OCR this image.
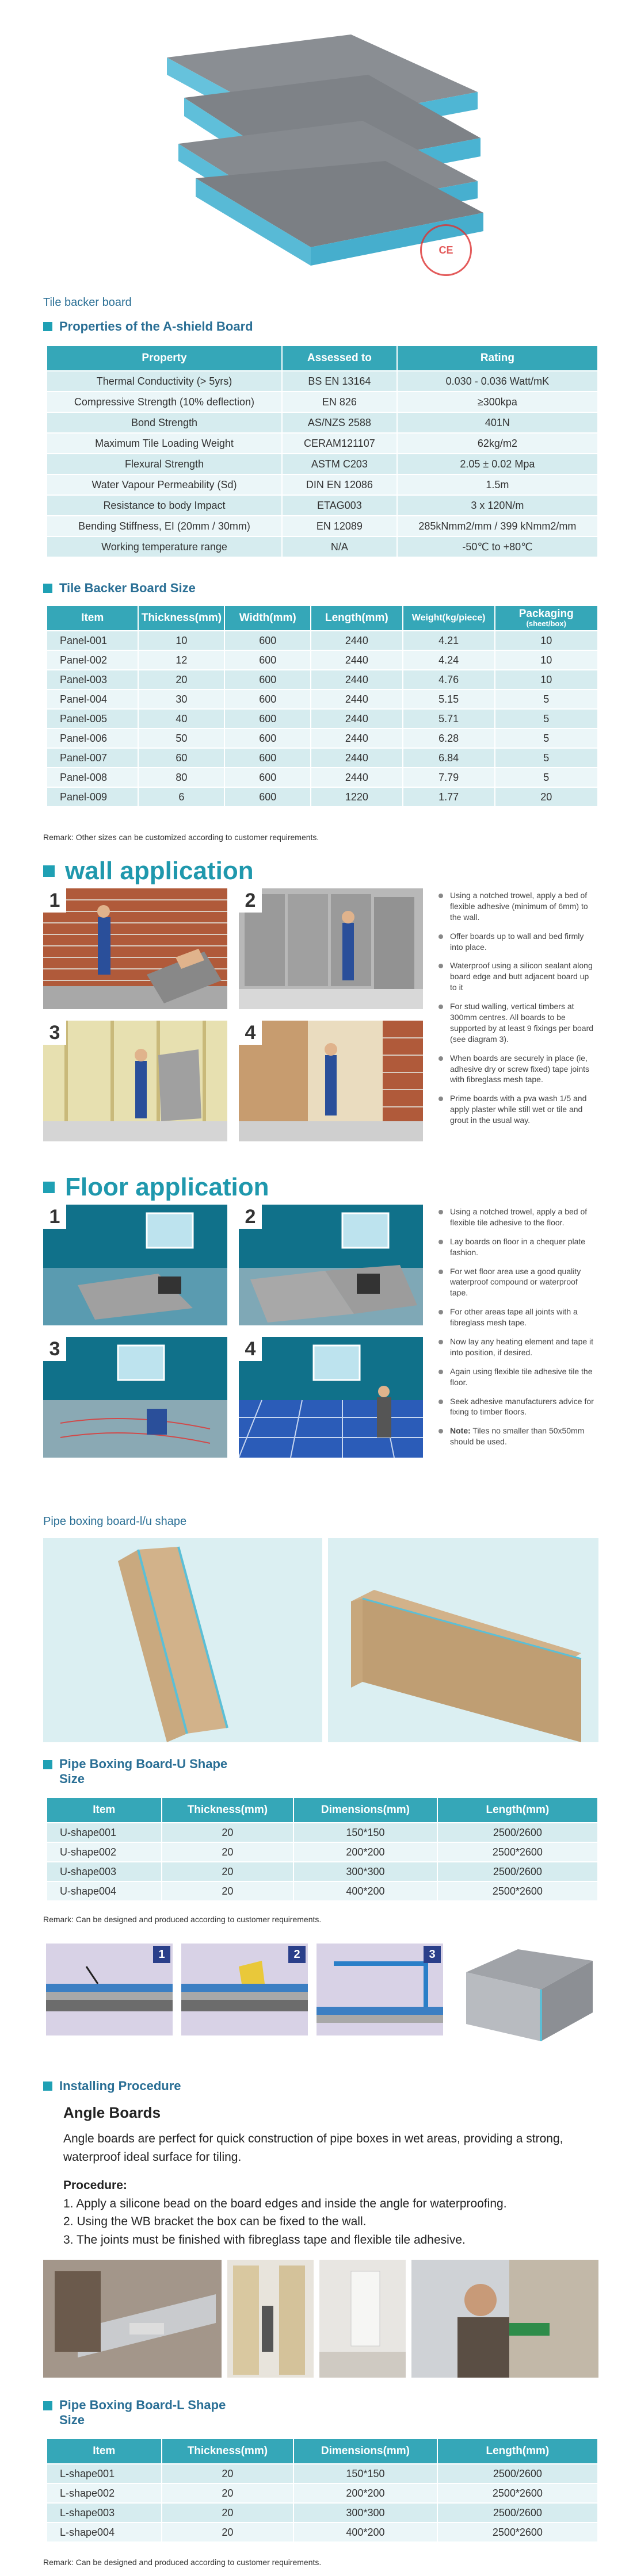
CE
Tile backer board
Properties of the A-shield Board
Property	Assessed to	Rating
Thermal Conductivity (> 5yrs)	BS EN 13164	0.030 - 0.036 Watt/mK
Compressive Strength (10% deflection)	EN 826	≥300kpa
Bond Strength	AS/NZS 2588	401N
Maximum Tile Loading Weight	CERAM121107	62kg/m2
Flexural Strength	ASTM C203	2.05 ± 0.02 Mpa
Water Vapour Permeability (Sd)	DIN EN 12086	1.5m
Resistance to body Impact	ETAG003	3 x 120N/m
Bending Stiffness, EI (20mm / 30mm)	EN 12089	285kNmm2/mm / 399 kNmm2/mm
Working temperature range	N/A	-50℃ to +80℃
Tile Backer Board Size
Item	Thickness(mm)	Width(mm)	Length(mm)	Weight(kg/piece)	Packaging
(sheet/box)

Panel-001	10	600	2440	4.21	10
Panel-002	12	600	2440	4.24	10
Panel-003	20	600	2440	4.76	10
Panel-004	30	600	2440	5.15	5
Panel-005	40	600	2440	5.71	5
Panel-006	50	600	2440	6.28	5
Panel-007	60	600	2440	6.84	5
Panel-008	80	600	2440	7.79	5
Panel-009	6	600	1220	1.77	20
Remark: Other sizes can be customized according to customer requirements.
wall application
1	2
3	4
Using a notched trowel, apply a bed of flexible adhesive (minimum of 6mm) to the wall.
Offer boards up to wall and bed firmly into place.
Waterproof using a silicon sealant along board edge and butt adjacent board up to it
For stud walling, vertical timbers at 300mm centres. All boards to be supported by at least 9 fixings per board (see diagram 3).
When boards are securely in place (ie, adhesive dry or screw fixed) tape joints with fibreglass mesh tape.
Prime boards with a pva wash 1/5 and apply plaster while still wet or tile and grout in the usual way.
Floor application
1	2
3	4
Using a notched trowel, apply a bed of flexible tile adhesive to the floor.
Lay boards on floor in a chequer plate fashion.
For wet floor area use a good quality waterproof compound or waterproof tape.
For other areas tape all joints with a fibreglass mesh tape.
Now lay any heating element and tape it into position, if desired.
Again using flexible tile adhesive tile the floor.
Seek adhesive manufacturers advice for fixing to timber floors.
Note: Tiles no smaller than 50x50mm should be used.
Pipe boxing board-l/u shape
Pipe Boxing Board-U Shape
Size
Item	Thickness(mm)	Dimensions(mm)	Length(mm)
U-shape001	20	150*150	2500/2600
U-shape002	20	200*200	2500*2600
U-shape003	20	300*300	2500/2600
U-shape004	20	400*200	2500*2600
Remark: Can be designed and produced according to customer requirements.
1	2	3
Installing Procedure
Angle Boards

Angle boards are perfect for quick construction of pipe boxes in wet areas, providing a strong, waterproof ideal surface for tiling.

Procedure:

1. Apply a silicone bead on the board edges and inside the angle for waterproofing.

2. Using the WB bracket the box can be fixed to the wall.

3. The joints must be finished with fibreglass tape and flexible tile adhesive.

Pipe Boxing Board-L Shape
Size
Item	Thickness(mm)	Dimensions(mm)	Length(mm)
L-shape001	20	150*150	2500/2600
L-shape002	20	200*200	2500*2600
L-shape003	20	300*300	2500/2600
L-shape004	20	400*200	2500*2600
Remark: Can be designed and produced according to customer requirements.
